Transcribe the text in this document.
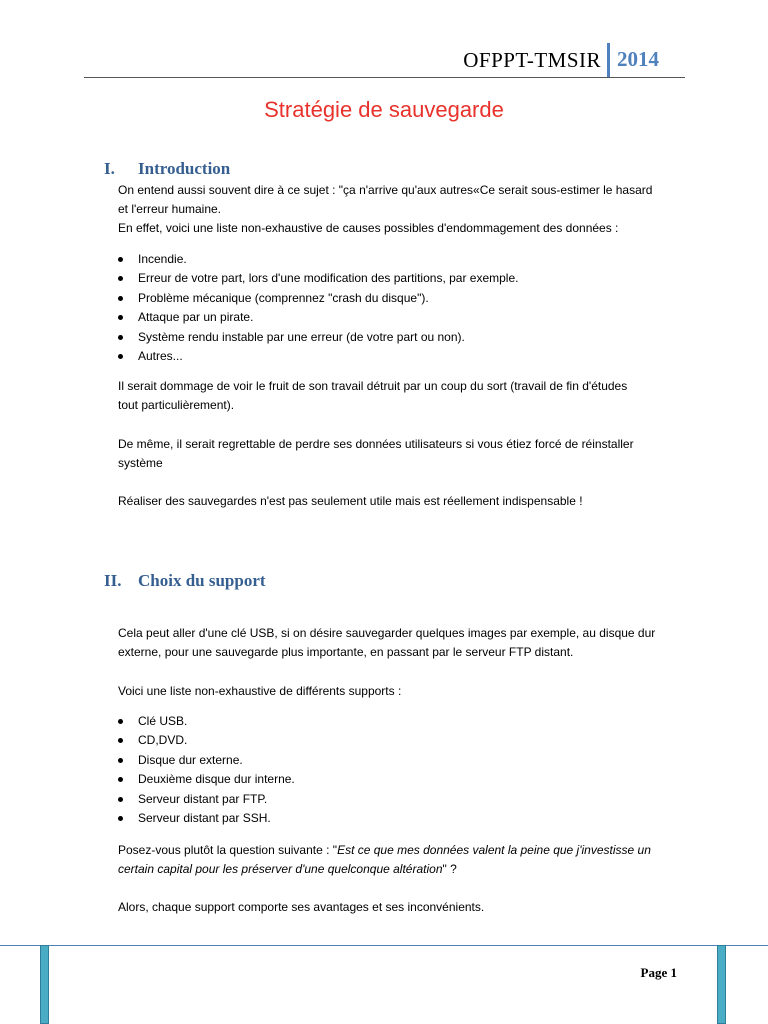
OFPPT-TMSIR 2014
Stratégie de sauvegarde
I. Introduction
On entend aussi souvent dire à ce sujet : "ça n'arrive qu'aux autres«Ce serait sous-estimer le hasard
et l'erreur humaine.
En effet, voici une liste non-exhaustive de causes possibles d'endommagement des données :
Incendie.
Erreur de votre part, lors d'une modification des partitions, par exemple.
Problème mécanique (comprennez "crash du disque").
Attaque par un pirate.
Système rendu instable par une erreur (de votre part ou non).
Autres...
Il serait dommage de voir le fruit de son travail détruit par un coup du sort (travail de fin d'études
tout particulièrement).
De même, il serait regrettable de perdre ses données utilisateurs si vous étiez forcé de réinstaller
système
Réaliser des sauvegardes n'est pas seulement utile mais est réellement indispensable !
II. Choix du support
Cela peut aller d'une clé USB, si on désire sauvegarder quelques images par exemple, au disque dur
externe, pour une sauvegarde plus importante, en passant par le serveur FTP distant.
Voici une liste non-exhaustive de différents supports :
Clé USB.
CD,DVD.
Disque dur externe.
Deuxième disque dur interne.
Serveur distant par FTP.
Serveur distant par SSH.
Posez-vous plutôt la question suivante : "Est ce que mes données valent la peine que j'investisse un
certain capital pour les préserver d'une quelconque altération" ?
Alors, chaque support comporte ses avantages et ses inconvénients.
Page 1
